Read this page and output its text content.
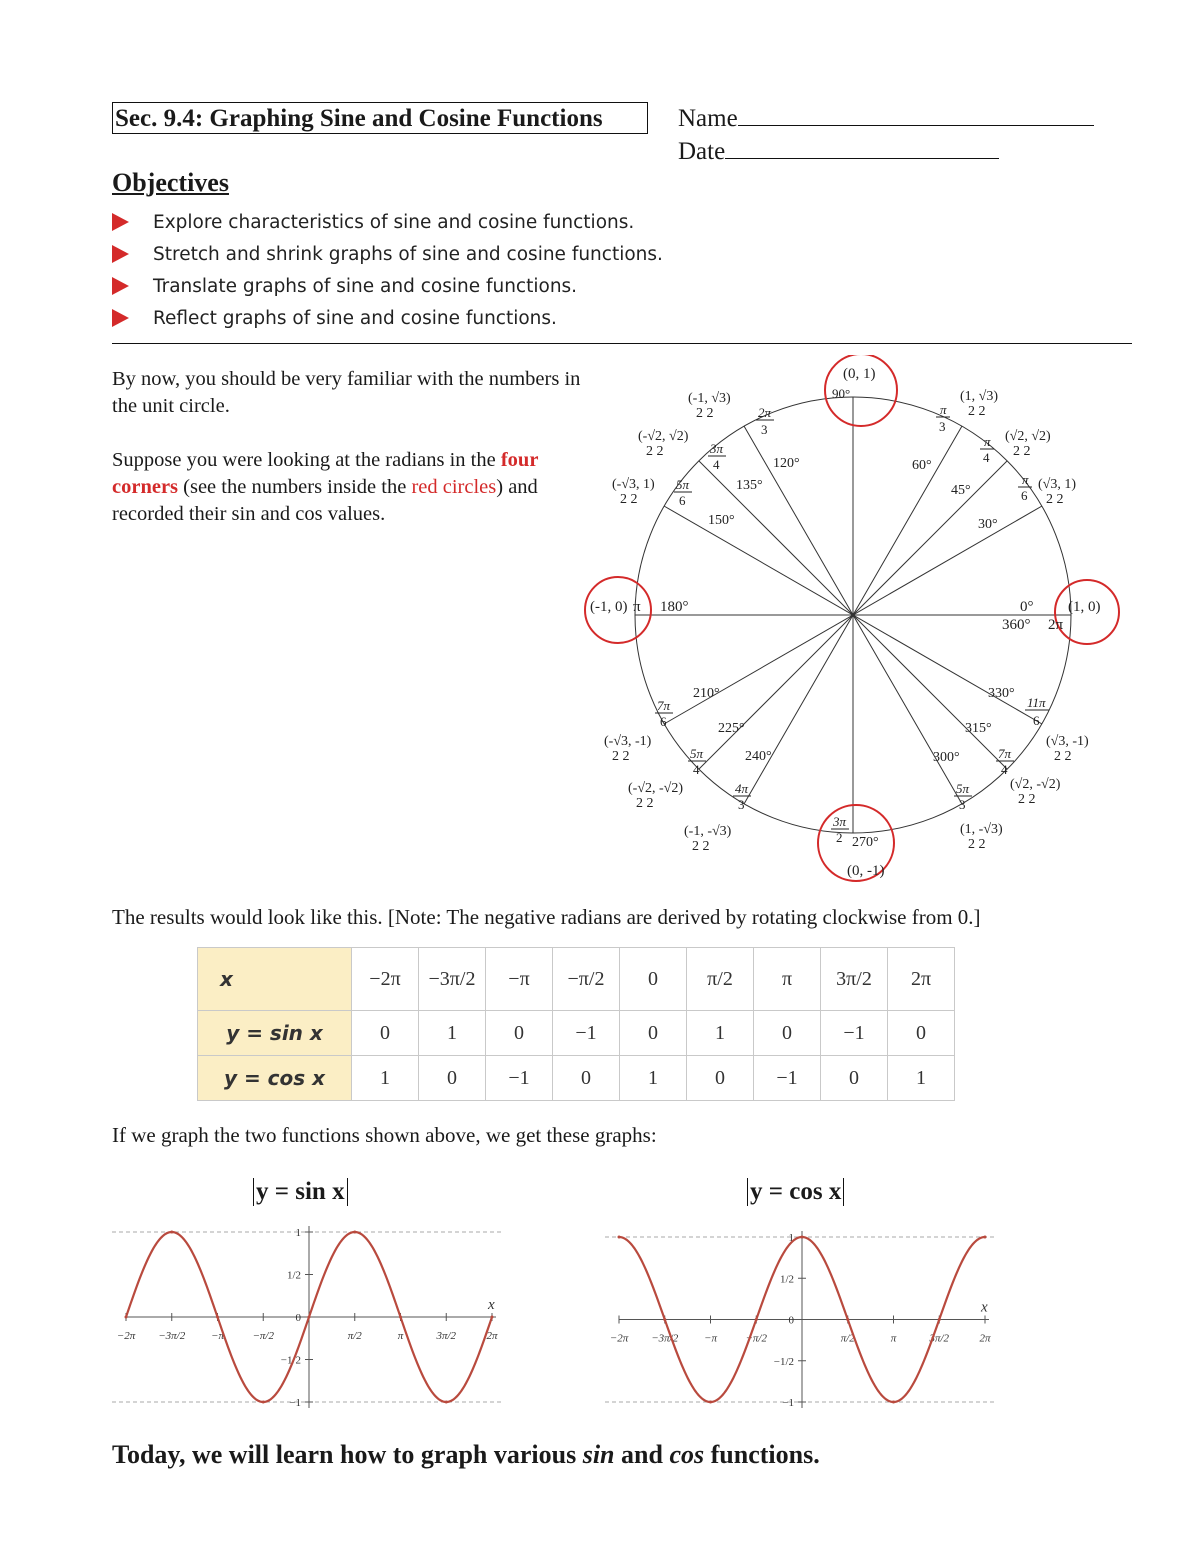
Sec. 9.4: Graphing Sine and Cosine Functions	Name
Date
Objectives
Explore characteristics of sine and cosine functions.
Stretch and shrink graphs of sine and cosine functions.
Translate graphs of sine and cosine functions.
Reflect graphs of sine and cosine functions.
By now, you should be very familiar with the numbers in the unit circle.
Suppose you were looking at the radians in the four corners (see the numbers inside the red circles) and recorded their sin and cos values.
(0, 1)
90°
(-1, 0) π 180°	(1, 0)
0°
360° 2π
(0, -1)
270°
120°
135°
150°
60°
45°
30°
210°
225°
240°	300°
315°
330°
2π
3
3π
4
5π
6
π
3
π
4
π
6
7π
6
5π
4
4π
3
3π
2
5π
3
7π
4
11π
6
(-1, √3)
2 2
(-√2, √2)
2 2
(-√3, 1)
2 2
(1, √3)
2 2
(√2, √2)
2 2
(√3, 1)
2 2
(-√3, -1)
2 2
(-√2, -√2)
2 2
(-1, -√3)
2 2
(√3, -1)
2 2
(√2, -√2)
2 2
(1, -√3)
2 2
The results would look like this. [Note: The negative radians are derived by rotating clockwise from 0.]
x	−2π	−3π/2	−π	−π/2	0	π/2	π	3π/2	2π
y = sin x	0	1	0	−1	0	1	0	−1	0
y = cos x	1	0	−1	0	1	0	−1	0	1
If we graph the two functions shown above, we get these graphs:
y = sin x	y = cos x
x
−2π −3π/2 −π	−π/2	π/2	π	3π/2	2π
1
1/2
0
−1/2
−1
x
−2π −3π/2 −π	−π/2	π/2	π	3π/2	2π
1
1/2
0
−1/2
−1
Today, we will learn how to graph various sin and cos functions.
